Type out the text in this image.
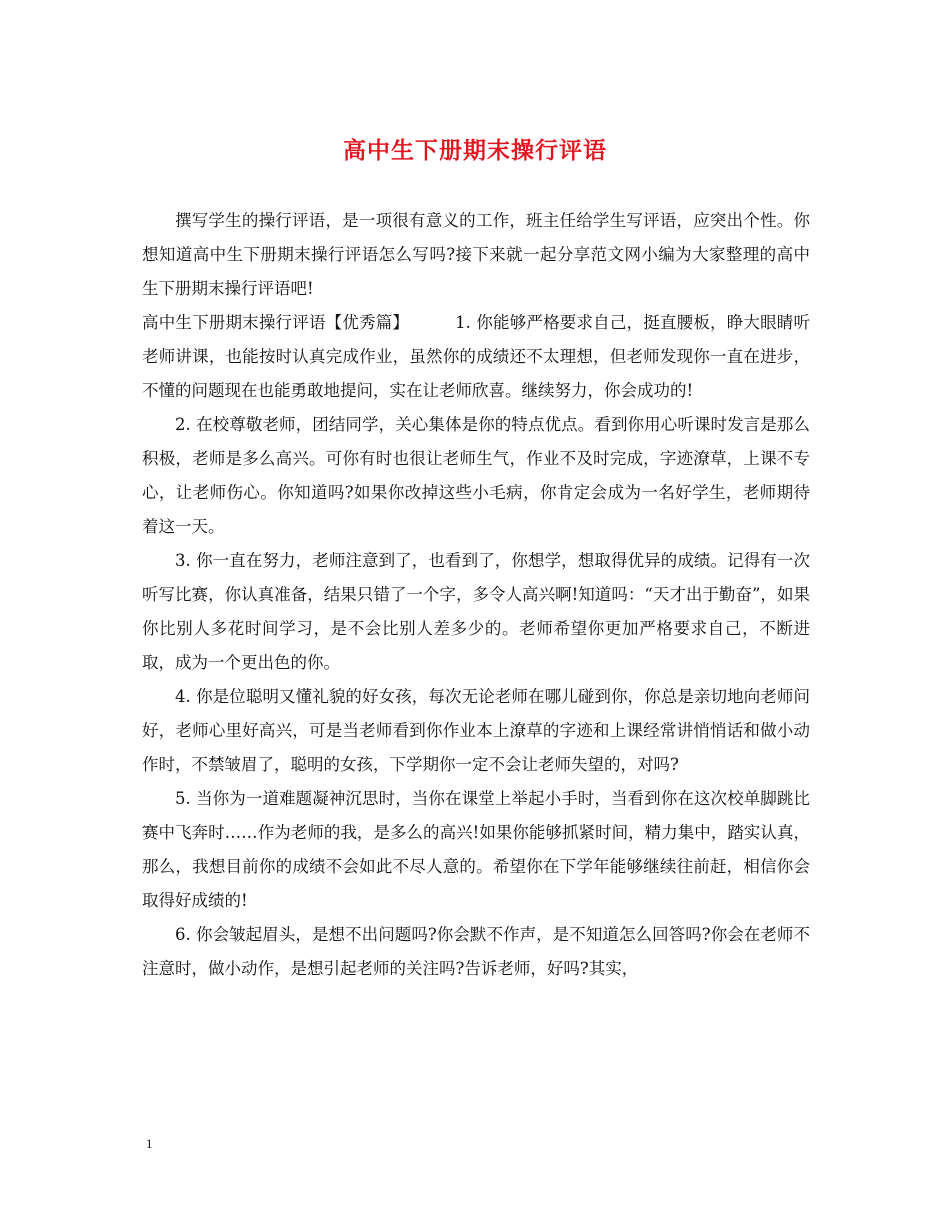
高中生下册期末操行评语

撰写学生的操行评语，是一项很有意义的工作，班主任给学生写评语，应突出个性。你想知道高中生下册期末操行评语怎么写吗?接下来就一起分享范文网小编为大家整理的高中生下册期末操行评语吧!

高中生下册期末操行评语【优秀篇】	1. 你能够严格要求自己，挺直腰板，睁大眼睛听老师讲课，也能按时认真完成作业，虽然你的成绩还不太理想，但老师发现你一直在进步，不懂的问题现在也能勇敢地提问，实在让老师欣喜。继续努力，你会成功的!

2. 在校尊敬老师，团结同学，关心集体是你的特点优点。看到你用心听课时发言是那么积极，老师是多么高兴。可你有时也很让老师生气，作业不及时完成，字迹潦草，上课不专心，让老师伤心。你知道吗?如果你改掉这些小毛病，你肯定会成为一名好学生，老师期待着这一天。

3. 你一直在努力，老师注意到了，也看到了，你想学，想取得优异的成绩。记得有一次听写比赛，你认真准备，结果只错了一个字，多令人高兴啊!知道吗：“天才出于勤奋”，如果你比别人多花时间学习，是不会比别人差多少的。老师希望你更加严格要求自己，不断进取，成为一个更出色的你。

4. 你是位聪明又懂礼貌的好女孩，每次无论老师在哪儿碰到你，你总是亲切地向老师问好，老师心里好高兴，可是当老师看到你作业本上潦草的字迹和上课经常讲悄悄话和做小动作时，不禁皱眉了，聪明的女孩，下学期你一定不会让老师失望的，对吗?

5. 当你为一道难题凝神沉思时，当你在课堂上举起小手时，当看到你在这次校单脚跳比赛中飞奔时……作为老师的我，是多么的高兴!如果你能够抓紧时间，精力集中，踏实认真，那么，我想目前你的成绩不会如此不尽人意的。希望你在下学年能够继续往前赶，相信你会取得好成绩的!

6. 你会皱起眉头，是想不出问题吗?你会默不作声，是不知道怎么回答吗?你会在老师不注意时，做小动作，是想引起老师的关注吗?告诉老师，好吗?其实，

1
